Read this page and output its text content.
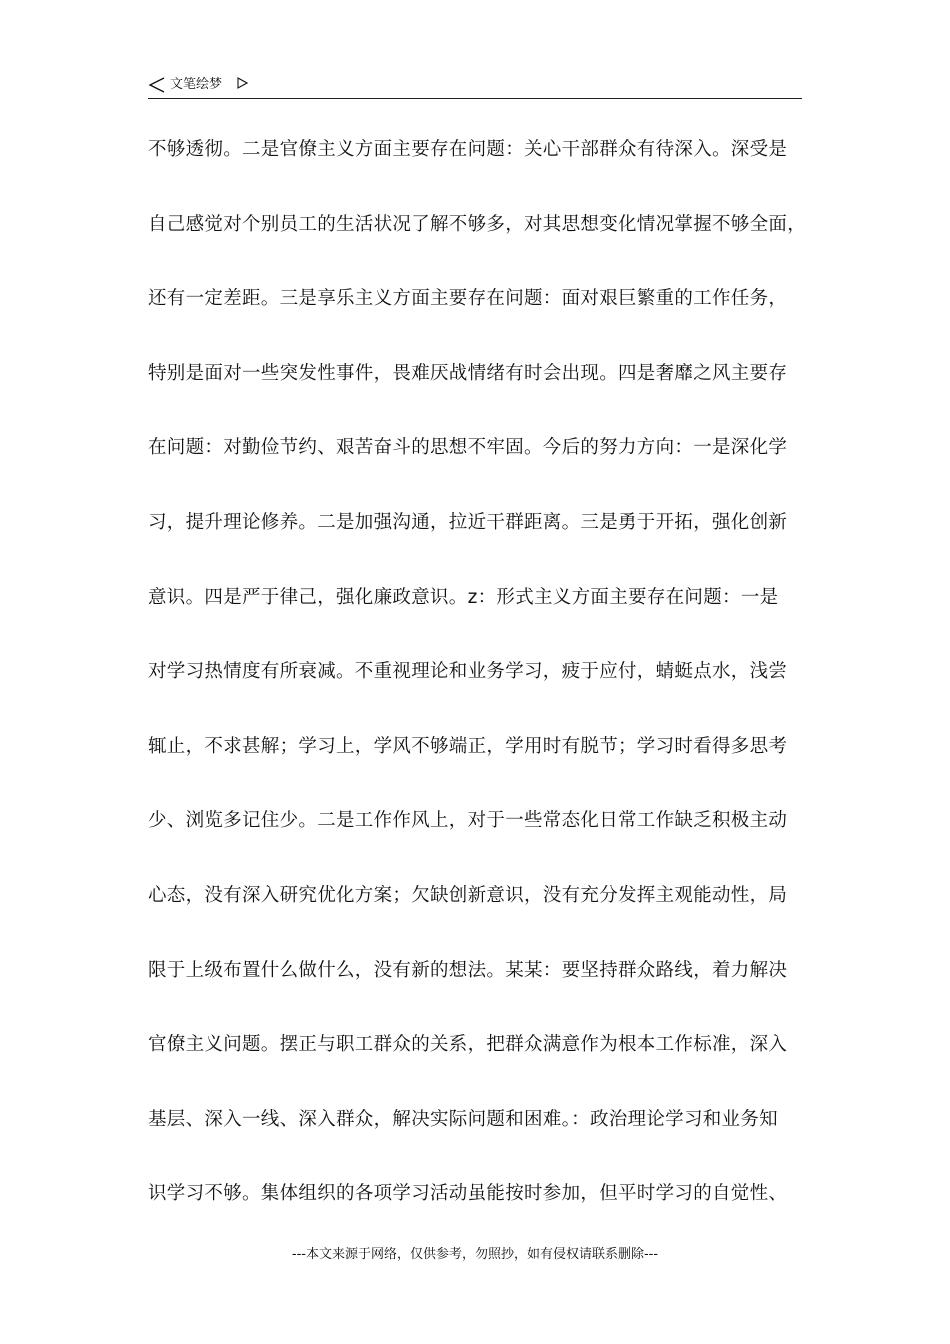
文笔绘梦
不够透彻。二是官僚主义方面主要存在问题：关心干部群众有待深入。深受是
自己感觉对个别员工的生活状况了解不够多，对其思想变化情况掌握不够全面，
还有一定差距。三是享乐主义方面主要存在问题：面对艰巨繁重的工作任务，
特别是面对一些突发性事件，畏难厌战情绪有时会出现。四是奢靡之风主要存
在问题：对勤俭节约、艰苦奋斗的思想不牢固。今后的努力方向：一是深化学
习，提升理论修养。二是加强沟通，拉近干群距离。三是勇于开拓，强化创新
意识。四是严于律己，强化廉政意识。z：形式主义方面主要存在问题：一是
对学习热情度有所衰减。不重视理论和业务学习，疲于应付，蜻蜓点水，浅尝
辄止，不求甚解；学习上，学风不够端正，学用时有脱节；学习时看得多思考
少、浏览多记住少。二是工作作风上，对于一些常态化日常工作缺乏积极主动
心态，没有深入研究优化方案；欠缺创新意识，没有充分发挥主观能动性，局
限于上级布置什么做什么，没有新的想法。某某：要坚持群众路线，着力解决
官僚主义问题。摆正与职工群众的关系，把群众满意作为根本工作标准，深入
基层、深入一线、深入群众，解决实际问题和困难。：政治理论学习和业务知
识学习不够。集体组织的各项学习活动虽能按时参加，但平时学习的自觉性、
---本文来源于网络，仅供参考，勿照抄，如有侵权请联系删除---
